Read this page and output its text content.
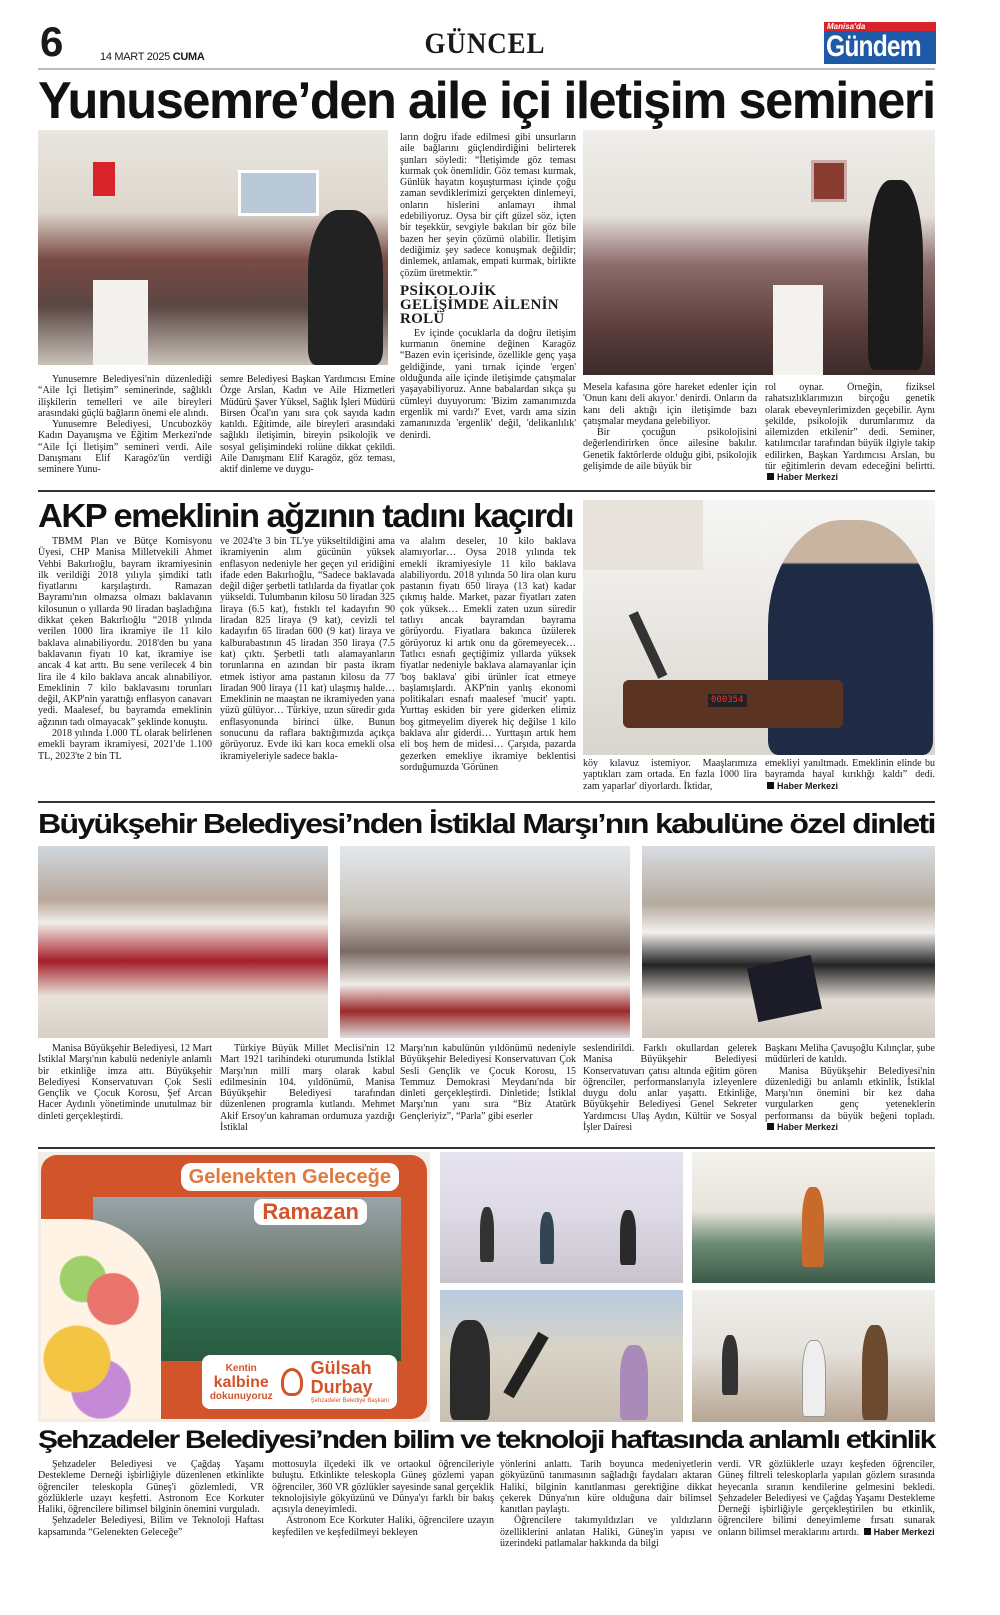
6	14 MART 2025 CUMA	GÜNCEL
Manisa'da
Gündem
Yunusemre’den aile içi iletişim semineri

Yunusemre Belediyesi'nin düzenlediği “Aile İçi İletişim” seminerinde, sağlıklı ilişkilerin temelleri ve aile bireyleri arasındaki güçlü bağların önemi ele alındı.

Yunusemre Belediyesi, Uncubozköy Kadın Dayanışma ve Eğitim Merkezi'nde “Aile İçi İletişim” semineri verdi. Aile Danışmanı Elif Karagöz'ün verdiği seminere Yunu-

semre Belediyesi Başkan Yardımcısı Emine Özge Arslan, Kadın ve Aile Hizmetleri Müdürü Şaver Yüksel, Sağlık İşleri Müdürü Birsen Öcal'ın yanı sıra çok sayıda kadın katıldı. Eğitimde, aile bireyleri arasındaki sağlıklı iletişimin, bireyin psikolojik ve sosyal gelişimindeki rolüne dikkat çekildi. Aile Danışmanı Elif Karagöz, göz teması, aktif dinleme ve duygu-

ların doğru ifade edilmesi gibi unsurların aile bağlarını güçlendirdiğini belirterek şunları söyledi: “İletişimde göz teması kurmak çok önemlidir. Göz teması kurmak, Günlük hayatın koşuşturması içinde çoğu zaman sevdiklerimizi gerçekten dinlemeyi, onların hislerini anlamayı ihmal edebiliyoruz. Oysa bir çift güzel söz, içten bir teşekkür, sevgiyle bakılan bir göz bile bazen her şeyin çözümü olabilir. İletişim dediğimiz şey sadece konuşmak değildir; dinlemek, anlamak, empati kurmak, birlikte çözüm üretmektir.”

PSİKOLOJİK GELİŞİMDE AİLENİN ROLÜ

Ev içinde çocuklarla da doğru iletişim kurmanın önemine değinen Karagöz “Bazen evin içerisinde, özellikle genç yaşa geldiğinde, yani tırnak içinde 'ergen' olduğunda aile içinde iletişimde çatışmalar yaşayabiliyoruz. Anne babalardan sıkça şu cümleyi duyuyorum: 'Bizim zamanımızda ergenlik mi vardı?' Evet, vardı ama sizin zamanınızda 'ergenlik' değil, 'delikanlılık' denirdi.

Mesela kafasına göre hareket edenler için 'Onun kanı deli akıyor.' denirdi. Onların da kanı deli aktığı için iletişimde bazı çatışmalar meydana gelebiliyor.

Bir çocuğun psikolojisini değerlendirirken önce ailesine bakılır. Genetik faktörlerde olduğu gibi, psikolojik gelişimde de aile büyük bir

rol oynar. Örneğin, fiziksel rahatsızlıklarımızın birçoğu genetik olarak ebeveynlerimizden geçebilir. Aynı şekilde, psikolojik durumlarımız da ailemizden etkilenir” dedi. Seminer, katılımcılar tarafından büyük ilgiyle takip edilirken, Başkan Yardımcısı Arslan, bu tür eğitimlerin devam edeceğini belirtti. Haber Merkezi

AKP emeklinin ağzının tadını kaçırdı

TBMM Plan ve Bütçe Komisyonu Üyesi, CHP Manisa Milletvekili Ahmet Vehbi Bakırlıoğlu, bayram ikramiyesinin ilk verildiği 2018 yılıyla şimdiki tatlı fiyatlarını karşılaştırdı. Ramazan Bayramı'nın olmazsa olmazı baklavanın kilosunun o yıllarda 90 liradan başladığına dikkat çeken Bakırlıoğlu “2018 yılında verilen 1000 lira ikramiye ile 11 kilo baklava alınabiliyordu. 2018'den bu yana baklavanın fiyatı 10 kat, ikramiye ise ancak 4 kat arttı. Bu sene verilecek 4 bin lira ile 4 kilo baklava ancak alınabiliyor. Emeklinin 7 kilo baklavasını torunları değil, AKP'nin yarattığı enflasyon canavarı yedi. Maalesef, bu bayramda emeklinin ağzının tadı olmayacak” şeklinde konuştu.

2018 yılında 1.000 TL olarak belirlenen emekli bayram ikramiyesi, 2021'de 1.100 TL, 2023'te 2 bin TL

ve 2024'te 3 bin TL'ye yükseltildiğini ama ikramiyenin alım gücünün yüksek enflasyon nedeniyle her geçen yıl eridiğini ifade eden Bakırlıoğlu, “Sadece baklavada değil diğer şerbetli tatlılarda da fiyatlar çok yükseldi. Tulumbanın kilosu 50 liradan 325 liraya (6.5 kat), fıstıklı tel kadayıfın 90 liradan 825 liraya (9 kat), cevizli tel kadayıfın 65 liradan 600 (9 kat) liraya ve kalburabastının 45 liradan 350 liraya (7.5 kat) çıktı. Şerbetli tatlı alamayanların torunlarına en azından bir pasta ikram etmek istiyor ama pastanın kilosu da 77 liradan 900 liraya (11 kat) ulaşmış halde… Emeklinin ne maaştan ne ikramiyeden yana yüzü gülüyor… Türkiye, uzun süredir gıda enflasyonunda birinci ülke. Bunun sonucunu da raflara baktığımızda açıkça görüyoruz. Evde iki karı koca emekli olsa ikramiyeleriyle sadece bakla-

va alalım deseler, 10 kilo baklava alamıyorlar… Oysa 2018 yılında tek emekli ikramiyesiyle 11 kilo baklava alabiliyordu. 2018 yılında 50 lira olan kuru pastanın fiyatı 650 liraya (13 kat) kadar çıkmış halde. Market, pazar fiyatları zaten çok yüksek… Emekli zaten uzun süredir tatlıyı ancak bayramdan bayrama görüyordu. Fiyatlara bakınca üzülerek görüyoruz ki artık onu da göremeyecek… Tatlıcı esnafı geçtiğimiz yıllarda yüksek fiyatlar nedeniyle baklava alamayanlar için 'boş baklava' gibi ürünler icat etmeye başlamışlardı. AKP'nin yanlış ekonomi politikaları esnafı maalesef 'mucit' yaptı. Yurttaş eskiden bir yere giderken elimiz boş gitmeyelim diyerek hiç değilse 1 kilo baklava alır giderdi… Yurttaşın artık hem eli boş hem de midesi… Çarşıda, pazarda gezerken emekliye ikramiye beklentisi sorduğumuzda 'Görünen

000354

köy kılavuz istemiyor. Maaşlarımıza yaptıkları zam ortada. En fazla 1000 lira zam yaparlar' diyorlardı. İktidar,

emekliyi yanıltmadı. Emeklinin elinde bu bayramda hayal kırıklığı kaldı” dedi. Haber Merkezi

Büyükşehir Belediyesi’nden İstiklal Marşı’nın kabulüne özel dinleti

Manisa Büyükşehir Belediyesi, 12 Mart İstiklal Marşı'nın kabulü nedeniyle anlamlı bir etkinliğe imza attı. Büyükşehir Belediyesi Konservatuvarı Çok Sesli Gençlik ve Çocuk Korosu, Şef Arcan Hacer Aydınlı yönetiminde unutulmaz bir dinleti gerçekleştirdi.

Türkiye Büyük Millet Meclisi'nin 12 Mart 1921 tarihindeki oturumunda İstiklal Marşı'nın milli marş olarak kabul edilmesinin 104. yıldönümü, Manisa Büyükşehir Belediyesi tarafından düzenlenen programla kutlandı. Mehmet Akif Ersoy'un kahraman ordumuza yazdığı İstiklal

Marşı'nın kabulünün yıldönümü nedeniyle Büyükşehir Belediyesi Konservatuvarı Çok Sesli Gençlik ve Çocuk Korosu, 15 Temmuz Demokrasi Meydanı'nda bir dinleti gerçekleştirdi. Dinletide; İstiklal Marşı'nın yanı sıra “Biz Atatürk Gençleriyiz”, “Parla” gibi eserler

seslendirildi. Farklı okullardan gelerek Manisa Büyükşehir Belediyesi Konservatuvarı çatısı altında eğitim gören öğrenciler, performanslarıyla izleyenlere duygu dolu anlar yaşattı. Etkinliğe, Büyükşehir Belediyesi Genel Sekreter Yardımcısı Ulaş Aydın, Kültür ve Sosyal İşler Dairesi

Başkanı Meliha Çavuşoğlu Kılınçlar, şube müdürleri de katıldı.

Manisa Büyükşehir Belediyesi'nin düzenlediği bu anlamlı etkinlik, İstiklal Marşı'nın önemini bir kez daha vurgularken genç yeteneklerin performansı da büyük beğeni topladı. Haber Merkezi

Gelenekten Geleceğe
Ramazan
Kentin
kalbine
dokunuyoruz
Gülsah
Durbay
Şehzadeler Belediye Başkanı
Şehzadeler Belediyesi’nden bilim ve teknoloji haftasında anlamlı etkinlik

Şehzadeler Belediyesi ve Çağdaş Yaşamı Destekleme Derneği işbirliğiyle düzenlenen etkinlikte öğrenciler teleskopla Güneş'i gözlemledi, VR gözlüklerle uzayı keşfetti. Astronom Ece Korkuter Haliki, öğrencilere bilimsel bilginin önemini vurguladı.

Şehzadeler Belediyesi, Bilim ve Teknoloji Haftası kapsamında “Gelenekten Geleceğe”

mottosuyla ilçedeki ilk ve ortaokul öğrencileriyle buluştu. Etkinlikte teleskopla Güneş gözlemi yapan öğrenciler, 360 VR gözlükler sayesinde sanal gerçeklik teknolojisiyle gökyüzünü ve Dünya'yı farklı bir bakış açısıyla deneyimledi.

Astronom Ece Korkuter Haliki, öğrencilere uzayın keşfedilen ve keşfedilmeyi bekleyen

yönlerini anlattı. Tarih boyunca medeniyetlerin gökyüzünü tanımasının sağladığı faydaları aktaran Haliki, bilginin kanıtlanması gerektiğine dikkat çekerek Dünya'nın küre olduğuna dair bilimsel kanıtları paylaştı.

Öğrencilere takımyıldızları ve yıldızların özelliklerini anlatan Haliki, Güneş'in yapısı ve üzerindeki patlamalar hakkında da bilgi

verdi. VR gözlüklerle uzayı keşfeden öğrenciler, Güneş filtreli teleskoplarla yapılan gözlem sırasında heyecanla sıranın kendilerine gelmesini bekledi. Şehzadeler Belediyesi ve Çağdaş Yaşamı Destekleme Derneği işbirliğiyle gerçekleştirilen bu etkinlik, öğrencilere bilimi deneyimleme fırsatı sunarak onların bilimsel meraklarını artırdı. Haber Merkezi
